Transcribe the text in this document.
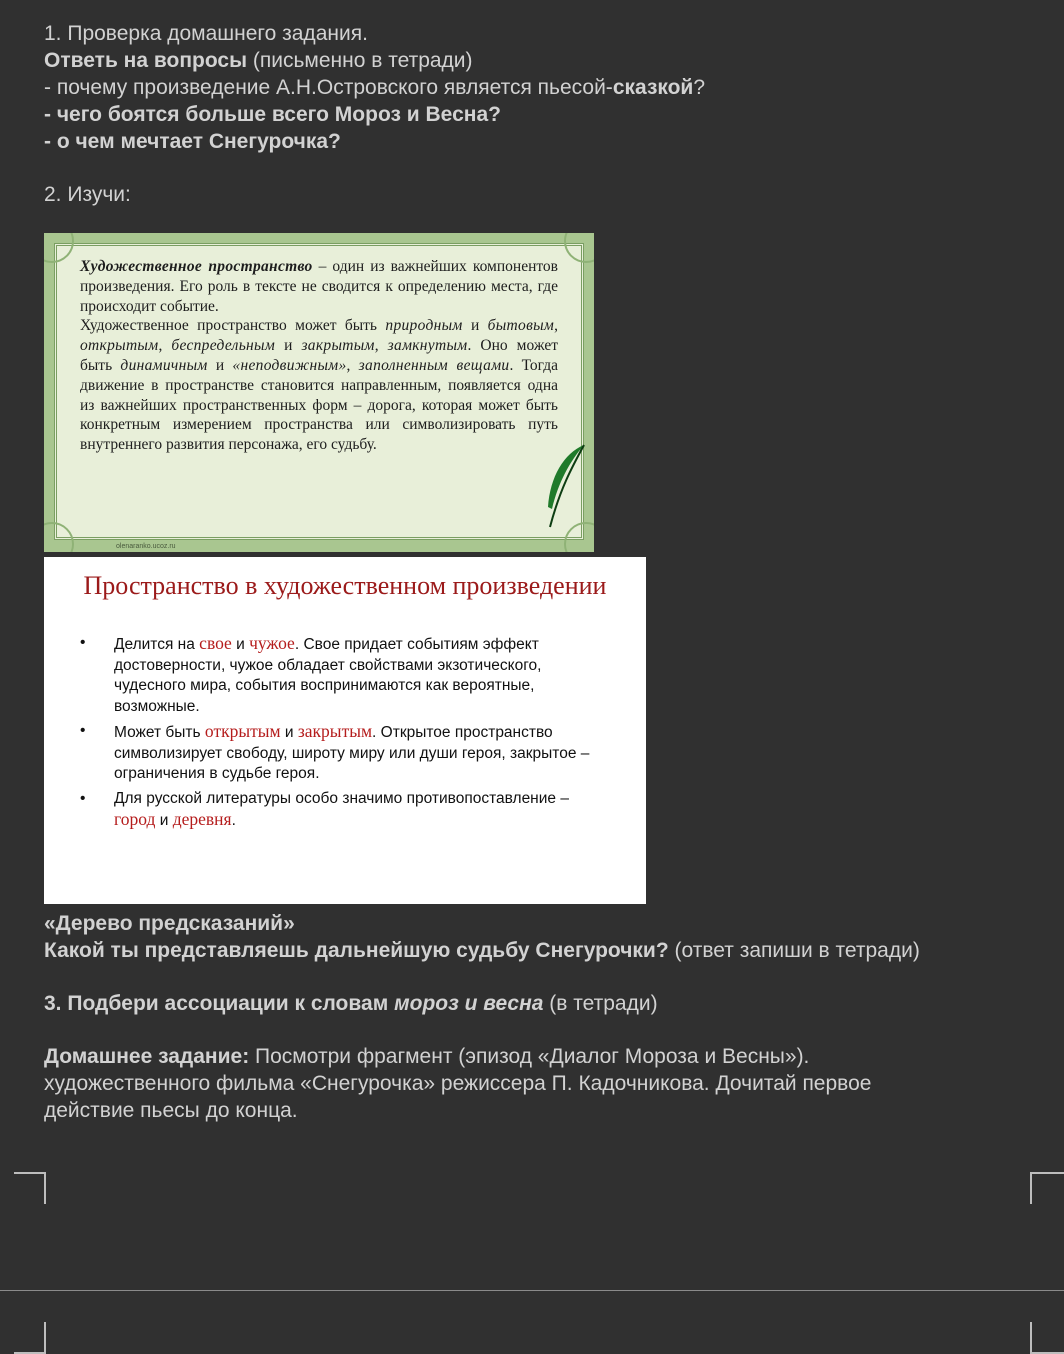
1. Проверка домашнего задания.
Ответь на вопросы (письменно в тетради)
- почему произведение А.Н.Островского является пьесой-сказкой?
- чего боятся больше всего Мороз и Весна?
- о чем мечтает Снегурочка?
2. Изучи:
Художественное пространство – один из важнейших компонентов произведения. Его роль в тексте не сводится к определению места, где происходит событие.
Художественное пространство может быть природным и бытовым, открытым, беспредельным и закрытым, замкнутым. Оно может быть динамичным и «неподвижным», заполненным вещами. Тогда движение в пространстве становится направленным, появляется одна из важнейших пространственных форм – дорога, которая может быть конкретным измерением пространства или символизировать путь внутреннего развития персонажа, его судьбу.
olenaranko.ucoz.ru
Пространство в художественном произведении
• Делится на свое и чужое. Свое придает событиям эффект достоверности, чужое обладает свойствами экзотического, чудесного мира, события воспринимаются как вероятные, возможные.
• Может быть открытым и закрытым. Открытое пространство символизирует свободу, широту миру или души героя, закрытое – ограничения в судьбе героя.
• Для русской литературы особо значимо противопоставление – город и деревня.
«Дерево предсказаний»
Какой ты представляешь дальнейшую судьбу Снегурочки? (ответ запиши в тетради)
3. Подбери ассоциации к словам мороз и весна (в тетради)
Домашнее задание: Посмотри фрагмент (эпизод «Диалог Мороза и Весны»).
художественного фильма «Снегурочка» режиссера П. Кадочникова. Дочитай первое
действие пьесы до конца.
